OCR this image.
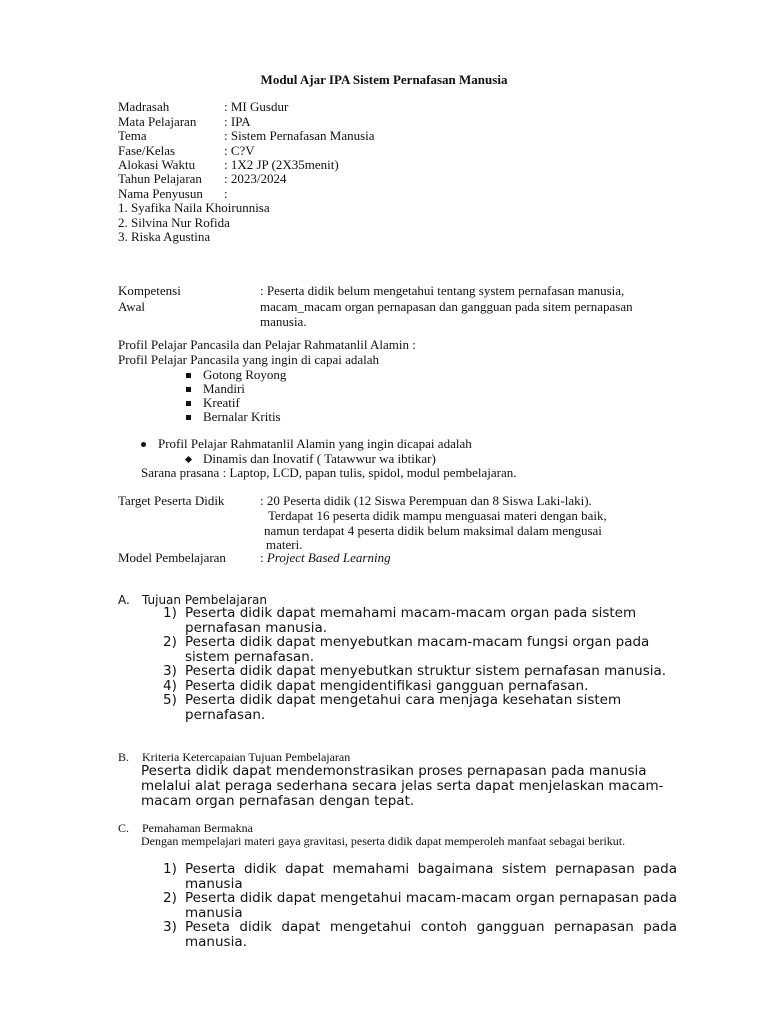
Modul Ajar IPA Sistem Pernafasan Manusia
Madrasah	: MI Gusdur
Mata Pelajaran : IPA
Tema	: Sistem Pernafasan Manusia
Fase/Kelas	: C?V
Alokasi Waktu : 1X2 JP (2X35menit)
Tahun Pelajaran : 2023/2024
Nama Penyusun :
1. Syafika Naila Khoirunnisa
2. Silvina Nur Rofida
3. Riska Agustina
Kompetensi Awal
: Peserta didik belum mengetahui tentang system pernafasan manusia, macam_macam organ pernapasan dan gangguan pada sitem pernapasan manusia.
Profil Pelajar Pancasila dan Pelajar Rahmatanlil Alamin :
Profil Pelajar Pancasila yang ingin di capai adalah
Gotong Royong
Mandiri
Kreatif
Bernalar Kritis
Profil Pelajar Rahmatanlil Alamin yang ingin dicapai adalah
Dinamis dan Inovatif ( Tatawwur wa ibtikar)
Sarana prasana : Laptop, LCD, papan tulis, spidol, modul pembelajaran.
Target Peserta Didik	: 20 Peserta didik (12 Siswa Perempuan dan 8 Siswa Laki-laki).
Terdapat 16 peserta didik mampu menguasai materi dengan baik,
namun terdapat 4 peserta didik belum maksimal dalam mengusai
materi.
Model Pembelajaran	: Project Based Learning
A. Tujuan Pembelajaran
1) Peserta didik dapat memahami macam-macam organ pada sistem pernafasan manusia.
2) Peserta didik dapat menyebutkan macam-macam fungsi organ pada sistem pernafasan.
3) Peserta didik dapat menyebutkan struktur sistem pernafasan manusia.
4) Peserta didik dapat mengidentifikasi gangguan pernafasan.
5) Peserta didik dapat mengetahui cara menjaga kesehatan sistem pernafasan.
B. Kriteria Ketercapaian Tujuan Pembelajaran
Peserta didik dapat mendemonstrasikan proses pernapasan pada manusia melalui alat peraga sederhana secara jelas serta dapat menjelaskan macam-macam organ pernafasan dengan tepat.
C. Pemahaman Bermakna
Dengan mempelajari materi gaya gravitasi, peserta didik dapat memperoleh manfaat sebagai berikut.
1) Peserta didik dapat memahami bagaimana sistem pernapasan pada manusia
2) Peserta didik dapat mengetahui macam-macam organ pernapasan pada manusia
3) Peseta didik dapat mengetahui contoh gangguan pernapasan pada manusia.
